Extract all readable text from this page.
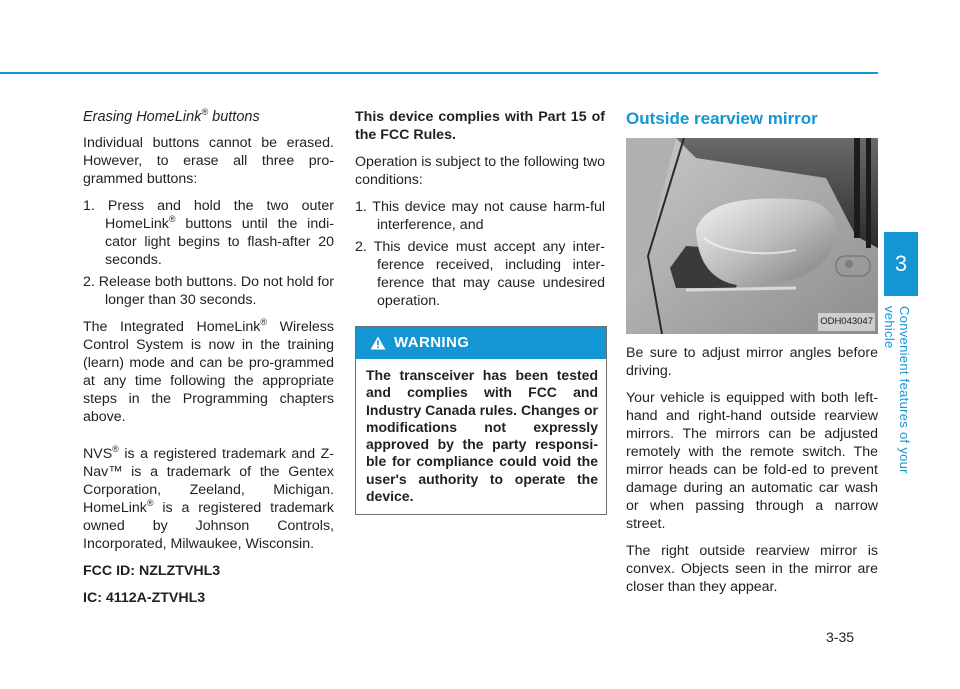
3
Convenient features of your vehicle

Erasing HomeLink® buttons

Individual buttons cannot be erased. However, to erase all three pro-grammed buttons:

1. Press and hold the two outer HomeLink® buttons until the indi-cator light begins to flash-after 20 seconds.
2. Release both buttons. Do not hold for longer than 30 seconds.

The Integrated HomeLink® Wireless Control System is now in the training (learn) mode and can be pro-grammed at any time following the appropriate steps in the Programming chapters above.

NVS® is a registered trademark and Z-Nav™ is a trademark of the Gentex Corporation, Zeeland, Michigan. HomeLink® is a registered trademark owned by Johnson Controls, Incorporated, Milwaukee, Wisconsin.

FCC ID: NZLZTVHL3

IC: 4112A-ZTVHL3

This device complies with Part 15 of the FCC Rules.

Operation is subject to the following two conditions:

1. This device may not cause harm-ful interference, and
2. This device must accept any inter-ference received, including inter-ference that may cause undesired operation.
WARNING
The transceiver has been tested and complies with FCC and Industry Canada rules. Changes or modifications not expressly approved by the party responsi-ble for compliance could void the user's authority to operate the device.
Outside rearview mirror
ODH043047

Be sure to adjust mirror angles before driving.

Your vehicle is equipped with both left-hand and right-hand outside rearview mirrors. The mirrors can be adjusted remotely with the remote switch. The mirror heads can be fold-ed to prevent damage during an automatic car wash or when passing through a narrow street.

The right outside rearview mirror is convex. Objects seen in the mirror are closer than they appear.

3-35
